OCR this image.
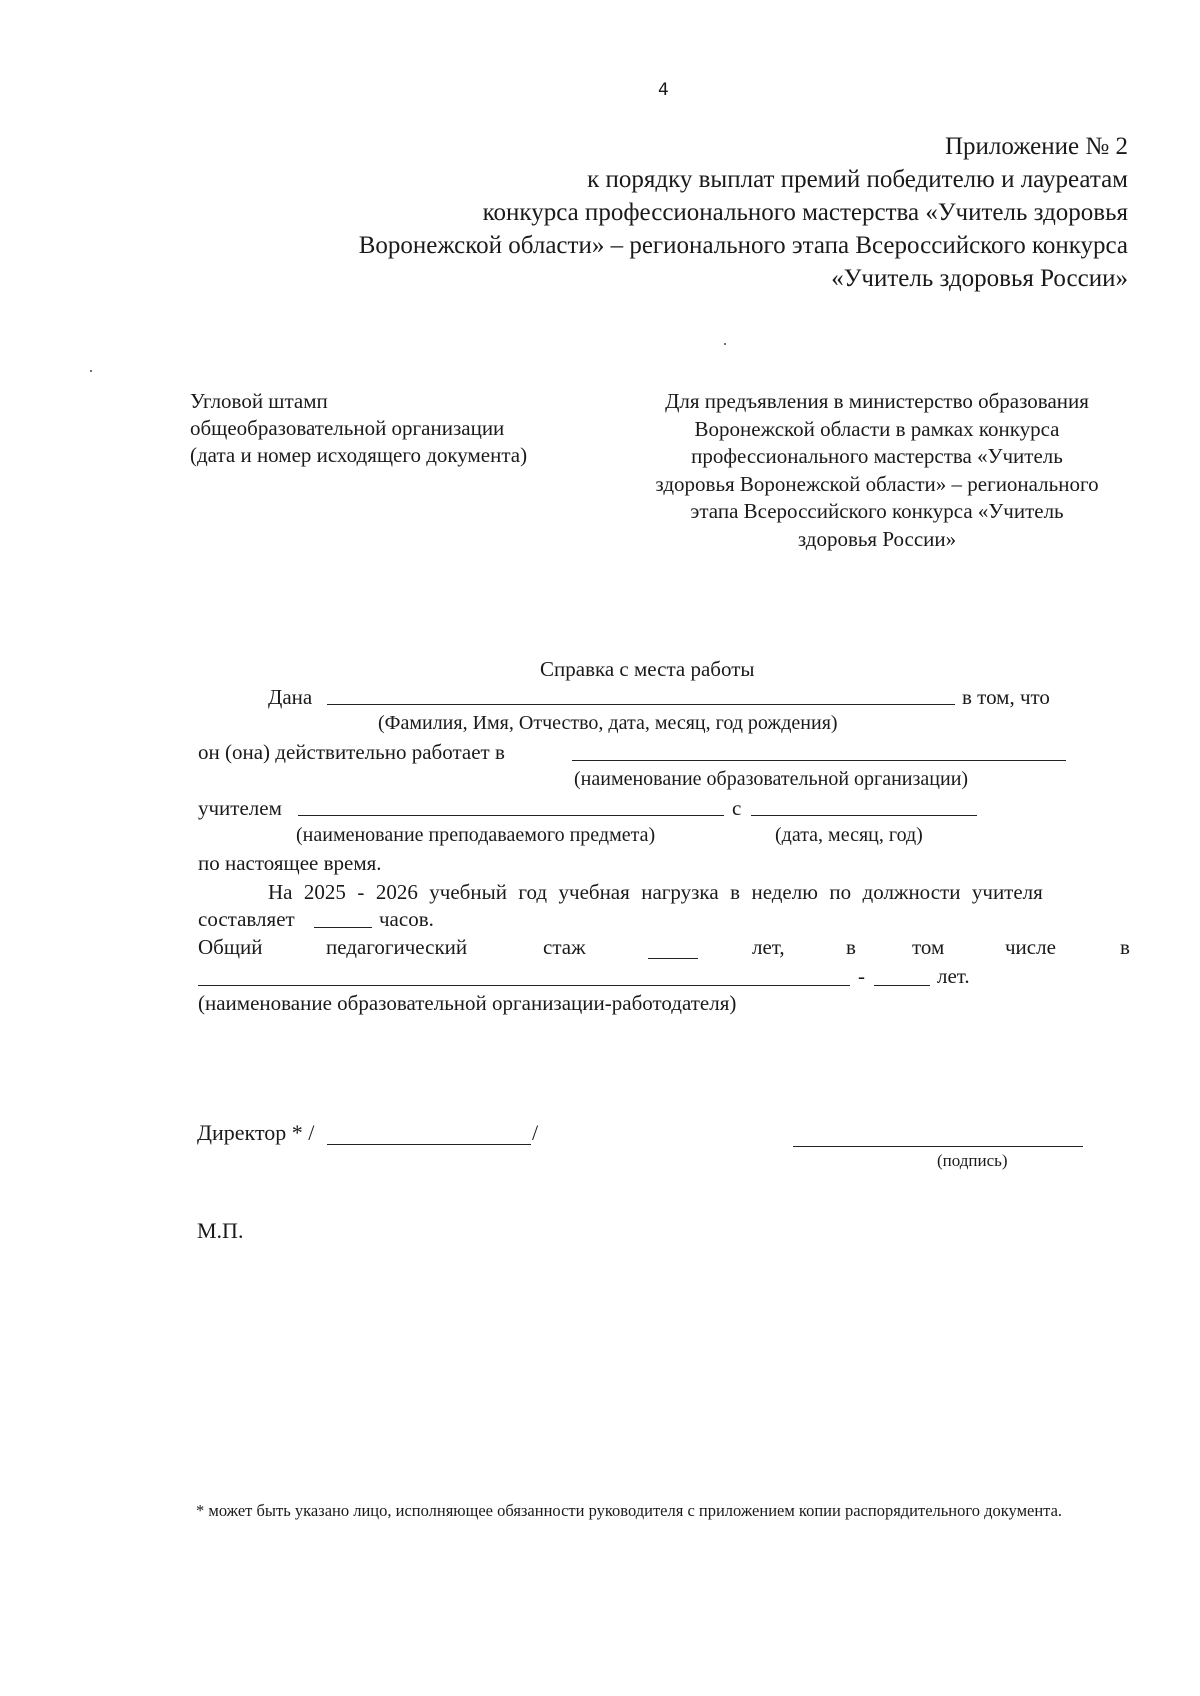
4
Приложение № 2
к порядку выплат премий победителю и лауреатам
конкурса профессионального мастерства «Учитель здоровья
Воронежской области» – регионального этапа Всероссийского конкурса
«Учитель здоровья России»
Угловой штамп
общеобразовательной организации
(дата и номер исходящего документа)
Для предъявления в министерство образования Воронежской области в рамках конкурса профессионального мастерства «Учитель здоровья Воронежской области» – регионального этапа Всероссийского конкурса «Учитель здоровья России»
Справка с места работы
Дана	в том, что
(Фамилия, Имя, Отчество, дата, месяц, год рождения)
он (она) действительно работает в
(наименование образовательной организации)
учителем	с
(наименование преподаваемого предмета)	(дата, месяц, год)
по настоящее время.
На 2025 - 2026 учебный год учебная нагрузка в неделю по должности учителя
составляет	часов.
Общий	педагогический	стаж	лет,	в	том	числе	в
-	лет.
(наименование образовательной организации-работодателя)
Директор * /	/
(подпись)
М.П.
* может быть указано лицо, исполняющее обязанности руководителя с приложением копии распорядительного документа.
